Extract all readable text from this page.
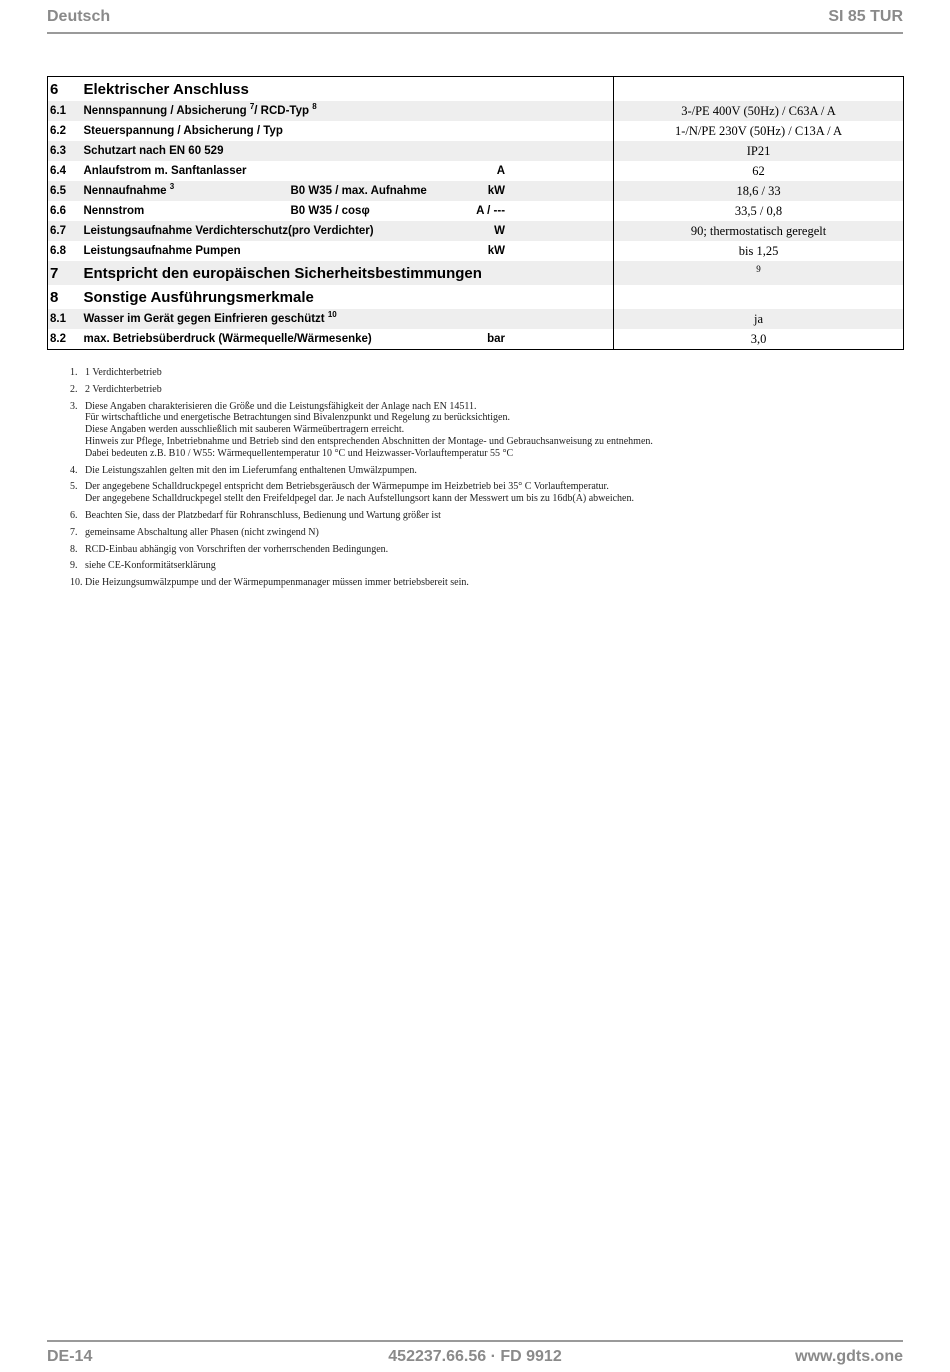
Deutsch	SI 85 TUR
6	Elektrischer Anschluss			
6.1	Nennspannung / Absicherung $^7$/ RCD-Typ $^8$			3-/PE 400V (50Hz) / C63A / A
6.2	Steuerspannung / Absicherung / Typ			1-/N/PE 230V (50Hz) / C13A / A
6.3	Schutzart nach EN 60 529			IP21
6.4	Anlaufstrom m. Sanftanlasser		A	62
6.5	Nennaufnahme $^3$	B0 W35 / max. Aufnahme	kW	18,6 / 33
6.6	Nennstrom	B0 W35 / cosφ	A / ---	33,5 / 0,8
6.7	Leistungsaufnahme Verdichterschutz(pro Verdichter)		W	90; thermostatisch geregelt
6.8	Leistungsaufnahme Pumpen		kW	bis 1,25
7	Entspricht den europäischen Sicherheitsbestimmungen			$^9$
8	Sonstige Ausführungsmerkmale			
8.1	Wasser im Gerät gegen Einfrieren geschützt $^{10}$			ja
8.2	max. Betriebsüberdruck (Wärmequelle/Wärmesenke)		bar	3,0
1. 1 Verdichterbetrieb
2. 2 Verdichterbetrieb
3. Diese Angaben charakterisieren die Größe und die Leistungsfähigkeit der Anlage nach EN 14511.
Für wirtschaftliche und energetische Betrachtungen sind Bivalenzpunkt und Regelung zu berücksichtigen.
Diese Angaben werden ausschließlich mit sauberen Wärmeübertragern erreicht.
Hinweis zur Pflege, Inbetriebnahme und Betrieb sind den entsprechenden Abschnitten der Montage- und Gebrauchsanweisung zu entnehmen.
Dabei bedeuten z.B. B10 / W55: Wärmequellentemperatur 10 °C und Heizwasser-Vorlauftemperatur 55 °C
4. Die Leistungszahlen gelten mit den im Lieferumfang enthaltenen Umwälzpumpen.
5. Der angegebene Schalldruckpegel entspricht dem Betriebsgeräusch der Wärmepumpe im Heizbetrieb bei 35° C Vorlauftemperatur.
Der angegebene Schalldruckpegel stellt den Freifeldpegel dar. Je nach Aufstellungsort kann der Messwert um bis zu 16db(A) abweichen.
6. Beachten Sie, dass der Platzbedarf für Rohranschluss, Bedienung und Wartung größer ist
7. gemeinsame Abschaltung aller Phasen (nicht zwingend N)
8. RCD-Einbau abhängig von Vorschriften der vorherrschenden Bedingungen.
9. siehe CE-Konformitätserklärung
10. Die Heizungsumwälzpumpe und der Wärmepumpenmanager müssen immer betriebsbereit sein.
DE-14	452237.66.56 · FD 9912	www.gdts.one
